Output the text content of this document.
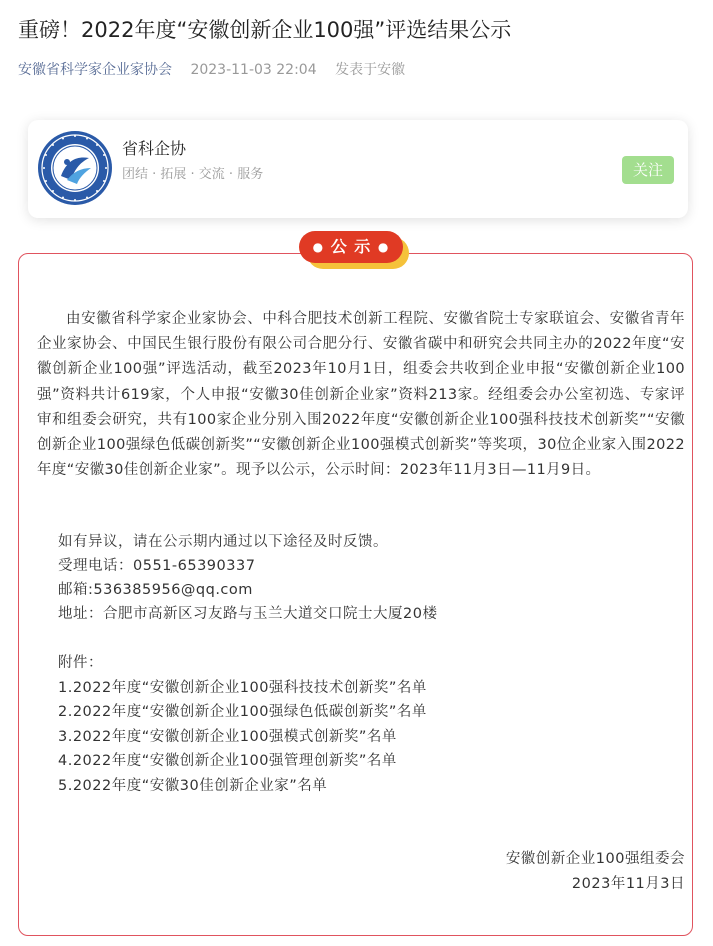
重磅！2022年度“安徽创新企业100强”评选结果公示
安徽省科学家企业家协会 2023-11-03 22:04 发表于安徽
省科企协
团结 · 拓展 · 交流 · 服务	关注
● 公 示 ●

由安徽省科学家企业家协会、中科合肥技术创新工程院、安徽省院士专家联谊会、安徽省青年企业家协会、中国民生银行股份有限公司合肥分行、安徽省碳中和研究会共同主办的2022年度“安徽创新企业100强”评选活动，截至2023年10月1日，组委会共收到企业申报“安徽创新企业100强”资料共计619家，个人申报“安徽30佳创新企业家”资料213家。经组委会办公室初选、专家评审和组委会研究，共有100家企业分别入围2022年度“安徽创新企业100强科技技术创新奖”“安徽创新企业100强绿色低碳创新奖”“安徽创新企业100强模式创新奖”等奖项，30位企业家入围2022年度“安徽30佳创新企业家”。现予以公示，公示时间：2023年11月3日—11月9日。

如有异议，请在公示期内通过以下途径及时反馈。
受理电话：0551-65390337
邮箱:536385956@qq.com
地址：合肥市高新区习友路与玉兰大道交口院士大厦20楼
附件：
1.2022年度“安徽创新企业100强科技技术创新奖”名单
2.2022年度“安徽创新企业100强绿色低碳创新奖”名单
3.2022年度“安徽创新企业100强模式创新奖”名单
4.2022年度“安徽创新企业100强管理创新奖”名单
5.2022年度“安徽30佳创新企业家”名单
安徽创新企业100强组委会
2023年11月3日
